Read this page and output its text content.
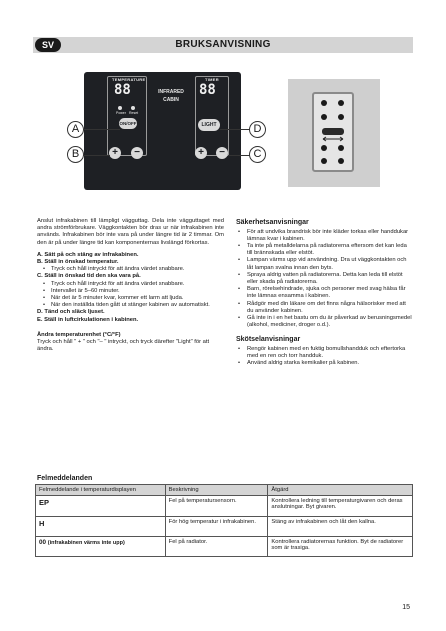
BRUKSANVISNING
SV
TEMPERATURE	TIMER
88	88
INFRARED
CABIN
Power Reset
ON/OFF	LIGHT
+	−	+	−
A
B
D
C

Anslut infrakabinen till lämpligt vägguttag. Dela inte vägguttaget med andra strömförbrukare. Väggkontakten bör dras ur när infrakabinen inte används. Infrakabinen bör inte vara på under längre tid är 2 timmar. Om den är på under längre tid kan komponenternas livslängd förkortas.

A. Sätt på och stäng av infrakabinen.
B. Ställ in önskad temperatur.
• Tryck och håll intryckt för att ändra värdet snabbare.
C. Ställ in önskad tid den ska vara på.
• Tryck och håll intryckt för att ändra värdet snabbare.
• Intervallet är 5–60 minuter.
• När det är 5 minuter kvar, kommer ett larm att ljuda.
• När den inställda tiden gått ut stänger kabinen av automatiskt.
D. Tänd och släck ljuset.
E. Ställ in luftcirkulationen i kabinen.
Ändra temperaturenhet (°C/°F)

Tryck och håll " + " och "– " intryckt, och tryck därefter "Light" för att ändra.

Säkerhetsanvisningar
• För att undvika brandrisk bör inte kläder torkas eller handdukar lämnas kvar i kabinen.
• Ta inte på metalldelarna på radiatorerna eftersom det kan leda till brännskada eller elstöt.
• Lampan värms upp vid användning. Dra ut väggkontakten och låt lampan svalna innan den byts.
• Spraya aldrig vatten på radiatorerna. Detta kan leda till elstöt eller skada på radiatorerna.
• Barn, rörelsehindrade, sjuka och personer med svag hälsa får inte lämnas ensamma i kabinen.
• Rådgör med din läkare om det finns några hälsorisker med att du använder kabinen.
• Gå inte in i en het bastu om du är påverkad av berusningsmedel (alkohol, mediciner, droger o.d.).
Skötselanvisningar
• Rengör kabinen med en fuktig bomullshandduk och eftertorka med en ren och torr handduk.
• Använd aldrig starka kemikalier på kabinen.
Felmeddelanden
Felmeddelande i temperaturdisplayen	Beskrivning	Åtgärd
EP	Fel på temperatursensorn.	Kontrollera ledning till temperaturgivaren och deras anslutningar. Byt givaren.
H	För hög temperatur i infrakabinen.	Stäng av infrakabinen och låt den kallna.
00 (infrakabinen värms inte upp)	Fel på radiator.	Kontrollera radiatorernas funktion. Byt de radiatorer som är trasiga.
15
